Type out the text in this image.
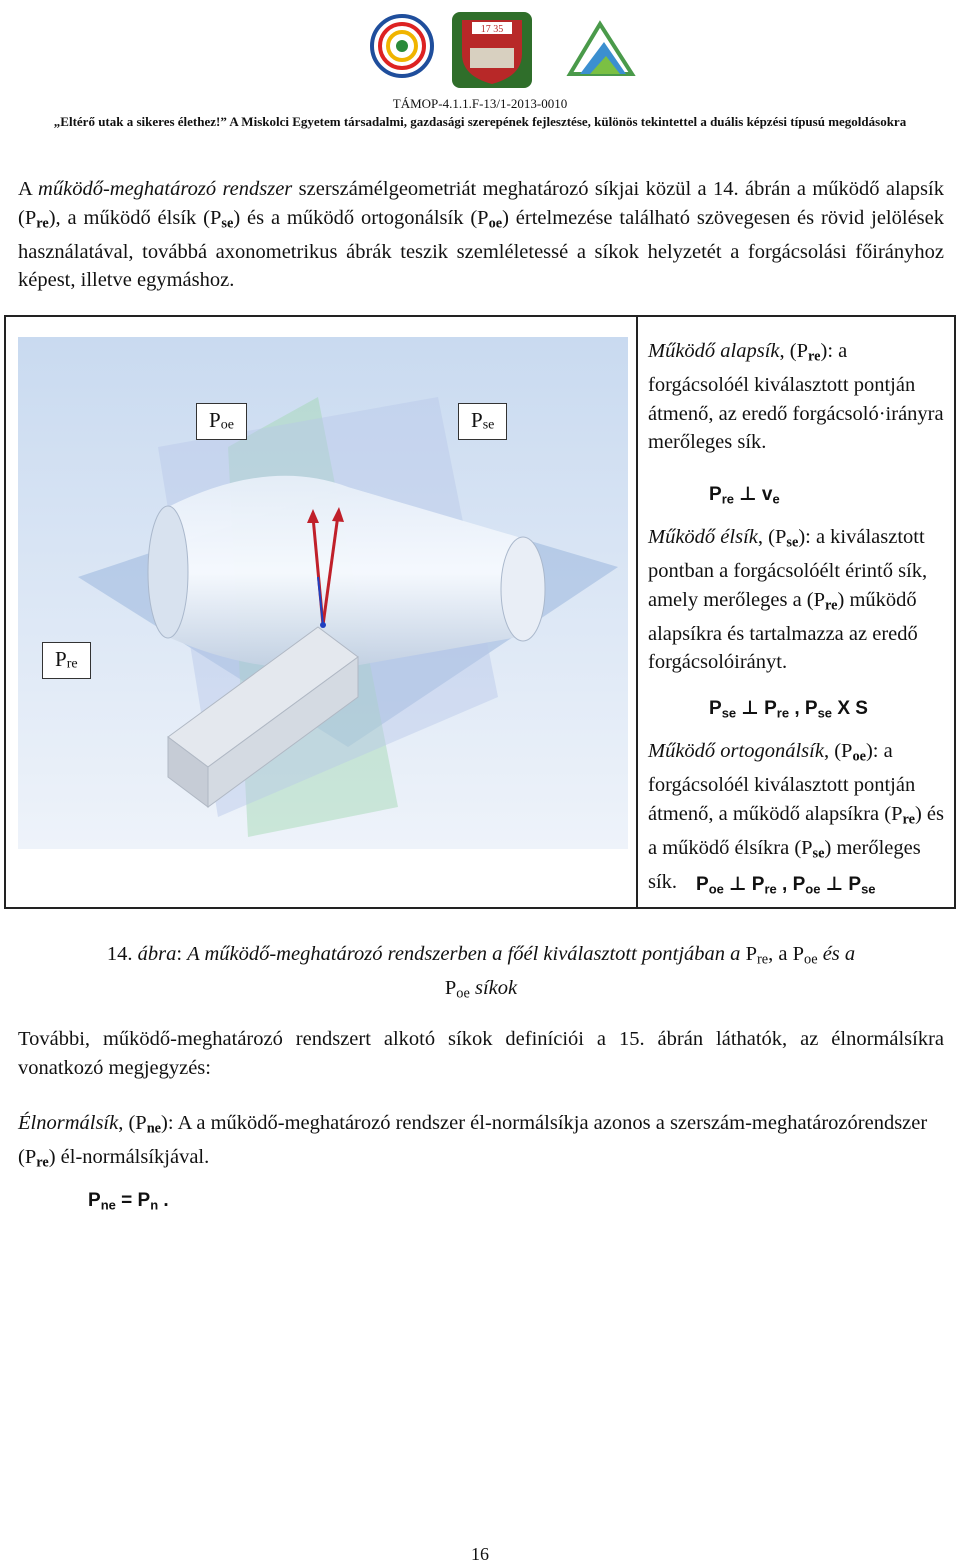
17 35
TÁMOP-4.1.1.F-13/1-2013-0010
„Eltérő utak a sikeres élethez!” A Miskolci Egyetem társadalmi, gazdasági szerepének fejlesztése, különös tekintettel a duális képzési típusú megoldásokra
A működő-meghatározó rendszer szerszámélgeometriát meghatározó síkjai közül a 14. ábrán a működő alapsík $(P_{re})$, a működő élsík $(P_{se})$ és a működő ortogonálsík $(P_{oe})$ értelmezése található szövegesen és rövid jelölések használatával, továbbá axonometrikus ábrák teszik szemléletessé a síkok helyzetét a forgácsolási főirányhoz képest, illetve egymáshoz.
Poe	Pse
Pre
Működő alapsík, $(P_{re})$: a forgácsolóél kiválasztott pontján átmenő, az eredő forgácsoló·irányra merőleges sík.
Pre ⊥ ve
Működő élsík, $(P_{se})$: a kiválasztott pontban a forgácsolóélt érintő sík, amely merőleges a $(P_{re})$ működő alapsíkra és tartalmazza az eredő forgácsolóirányt.
Pse ⊥ Pre , Pse X S
Működő ortogonálsík, $(P_{oe})$: a forgácsolóél kiválasztott pontján átmenő, a működő alapsíkra $(P_{re})$ és a működő élsíkra $(P_{se})$ merőleges sík. Poe ⊥ Pre , Poe ⊥ Pse
14. ábra: A működő-meghatározó rendszerben a főél kiválasztott pontjában a Pre, a Poe és a
Poe síkok
További, működő-meghatározó rendszert alkotó síkok definíciói a 15. ábrán láthatók, az élnormálsíkra vonatkozó megjegyzés:
Élnormálsík, $(P_{ne})$: A a működő-meghatározó rendszer él-normálsíkja azonos a szerszám-meghatározórendszer $(P_{re})$ él-normálsíkjával.
Pne = Pn .
16
